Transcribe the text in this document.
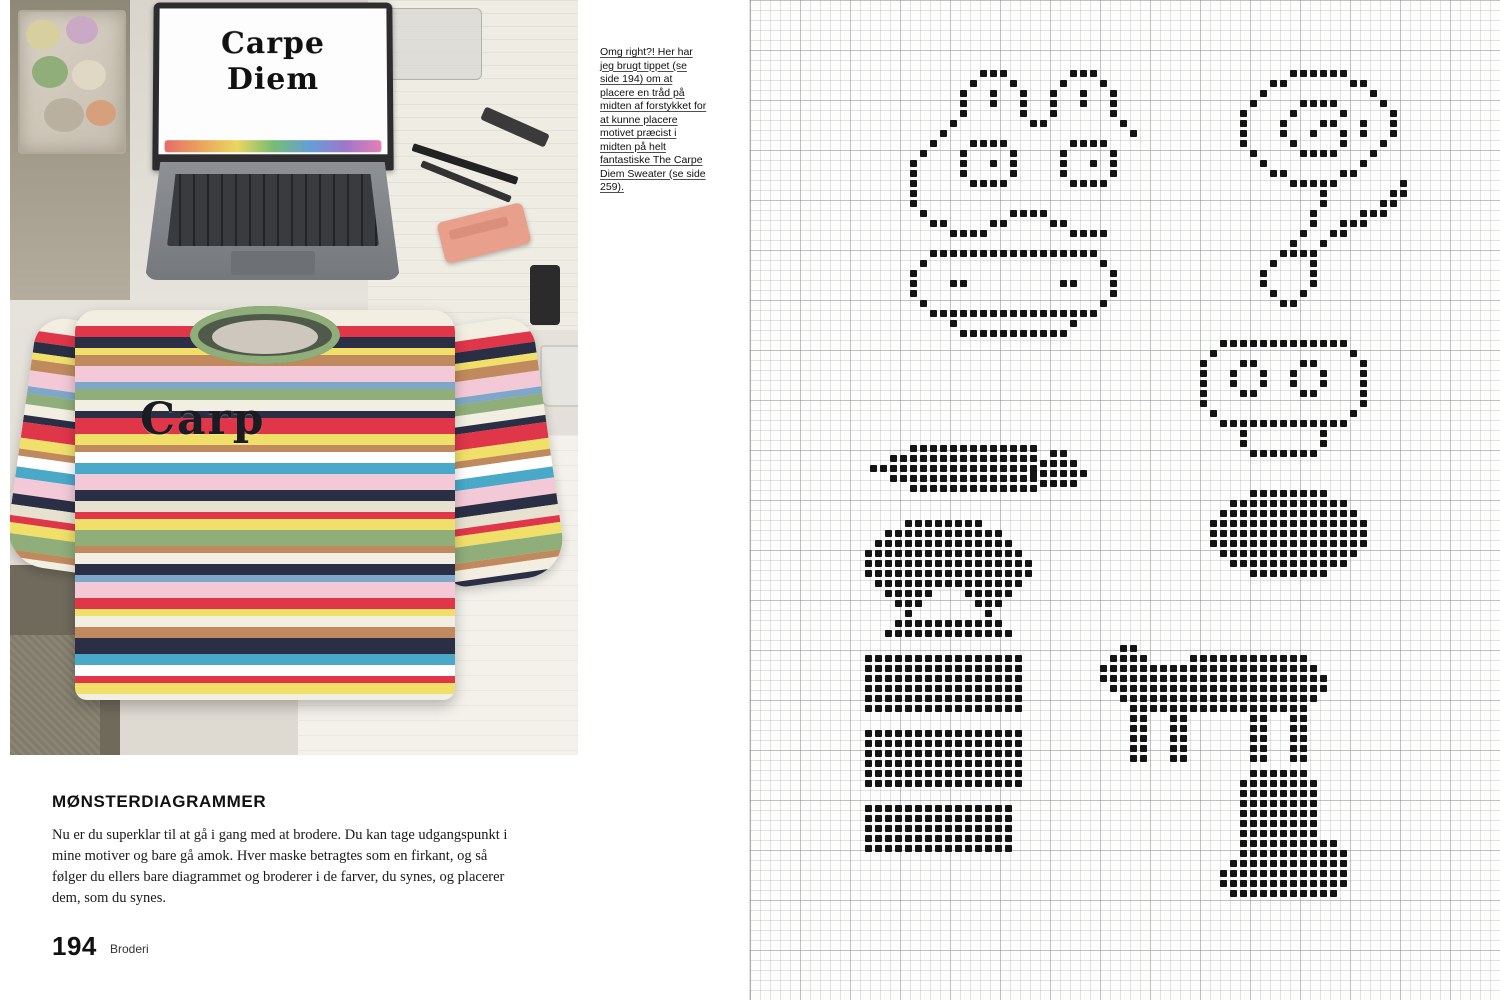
Carpe
Diem
Carp
MØNSTERDIAGRAMMER
Nu er du superklar til at gå i gang med at brodere. Du kan tage udgangspunkt i mine motiver og bare gå amok. Hver maske betragtes som en firkant, og så følger du ellers bare diagrammet og broderer i de farver, du synes, og placerer dem, som du synes.
194 Broderi
Omg right?! Her har jeg brugt tippet (se side 194) om at placere en tråd på midten af forstykket for at kunne placere motivet præcist i midten på helt fantastiske The Carpe Diem Sweater (se side 259).
